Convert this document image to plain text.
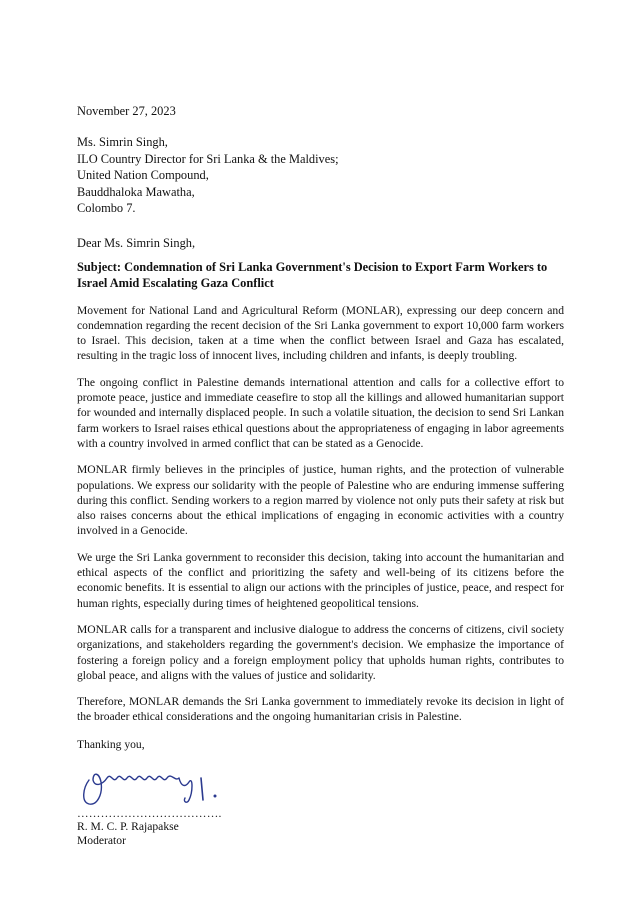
November 27, 2023
Ms. Simrin Singh,
ILO Country Director for Sri Lanka & the Maldives;
United Nation Compound,
Bauddhaloka Mawatha,
Colombo 7.
Dear Ms. Simrin Singh,
Subject: Condemnation of Sri Lanka Government's Decision to Export Farm Workers to Israel Amid Escalating Gaza Conflict
Movement for National Land and Agricultural Reform (MONLAR), expressing our deep concern and condemnation regarding the recent decision of the Sri Lanka government to export 10,000 farm workers to Israel. This decision, taken at a time when the conflict between Israel and Gaza has escalated, resulting in the tragic loss of innocent lives, including children and infants, is deeply troubling.
The ongoing conflict in Palestine demands international attention and calls for a collective effort to promote peace, justice and immediate ceasefire to stop all the killings and allowed humanitarian support for wounded and internally displaced people. In such a volatile situation, the decision to send Sri Lankan farm workers to Israel raises ethical questions about the appropriateness of engaging in labor agreements with a country involved in armed conflict that can be stated as a Genocide.
MONLAR firmly believes in the principles of justice, human rights, and the protection of vulnerable populations. We express our solidarity with the people of Palestine who are enduring immense suffering during this conflict. Sending workers to a region marred by violence not only puts their safety at risk but also raises concerns about the ethical implications of engaging in economic activities with a country involved in a Genocide.
We urge the Sri Lanka government to reconsider this decision, taking into account the humanitarian and ethical aspects of the conflict and prioritizing the safety and well-being of its citizens before the economic benefits. It is essential to align our actions with the principles of justice, peace, and respect for human rights, especially during times of heightened geopolitical tensions.
MONLAR calls for a transparent and inclusive dialogue to address the concerns of citizens, civil society organizations, and stakeholders regarding the government's decision. We emphasize the importance of fostering a foreign policy and a foreign employment policy that upholds human rights, contributes to global peace, and aligns with the values of justice and solidarity.
Therefore, MONLAR demands the Sri Lanka government to immediately revoke its decision in light of the broader ethical considerations and the ongoing humanitarian crisis in Palestine.
Thanking you,
……………………………….
R. M. C. P. Rajapakse
Moderator
